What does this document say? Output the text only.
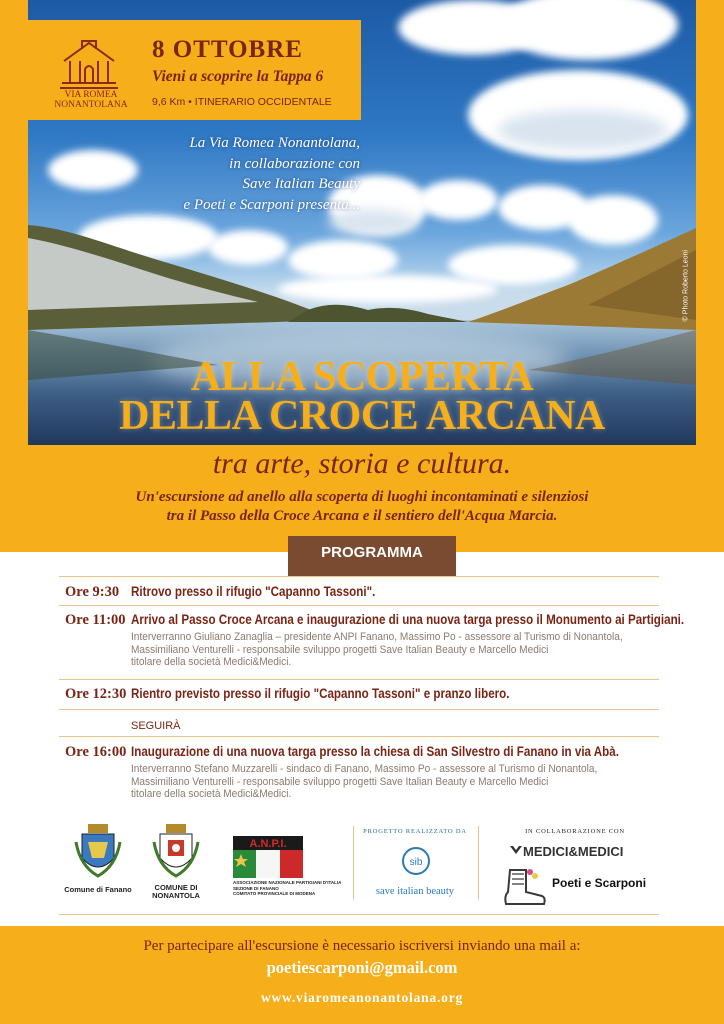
© Photo Roberto Leoni
VIA ROMEA
NONANTOLANA
8 OTTOBRE
Vieni a scoprire la Tappa 6
9,6 Km • ITINERARIO OCCIDENTALE
La Via Romea Nonantolana,
in collaborazione con
Save Italian Beauty
e Poeti e Scarponi presenta...
ALLA SCOPERTA
DELLA CROCE ARCANA
tra arte, storia e cultura.
Un'escursione ad anello alla scoperta di luoghi incontaminati e silenziosi
tra il Passo della Croce Arcana e il sentiero dell'Acqua Marcia.
PROGRAMMA
Ore 9:30 Ritrovo presso il rifugio "Capanno Tassoni".
Ore 11:00 Arrivo al Passo Croce Arcana e inaugurazione di una nuova targa presso il Monumento ai Partigiani.
Interverranno Giuliano Zanaglia – presidente ANPI Fanano, Massimo Po - assessore al Turismo di Nonantola,
Massimiliano Venturelli - responsabile sviluppo progetti Save Italian Beauty e Marcello Medici
titolare della società Medici&Medici.
Ore 12:30 Rientro previsto presso il rifugio "Capanno Tassoni" e pranzo libero.
SEGUIRÀ
Ore 16:00 Inaugurazione di una nuova targa presso la chiesa di San Silvestro di Fanano in via Abà.
Interverranno Stefano Muzzarelli - sindaco di Fanano, Massimo Po - assessore al Turismo di Nonantola,
Massimiliano Venturelli - responsabile sviluppo progetti Save Italian Beauty e Marcello Medici
titolare della società Medici&Medici.
Comune di Fanano	COMUNE DI
NONANTOLA
A.N.P.I.
ASSOCIAZIONE NAZIONALE PARTIGIANI D'ITALIA
SEZIONE DI FANANO
COMITATO PROVINCIALE DI MODENA
PROGETTO REALIZZATO DA
sib
save italian beauty
IN COLLABORAZIONE CON
MEDICI&MEDICI
Poeti e Scarponi
Per partecipare all'escursione è necessario iscriversi inviando una mail a:
poetiescarponi@gmail.com
www.viaromeanonantolana.org
